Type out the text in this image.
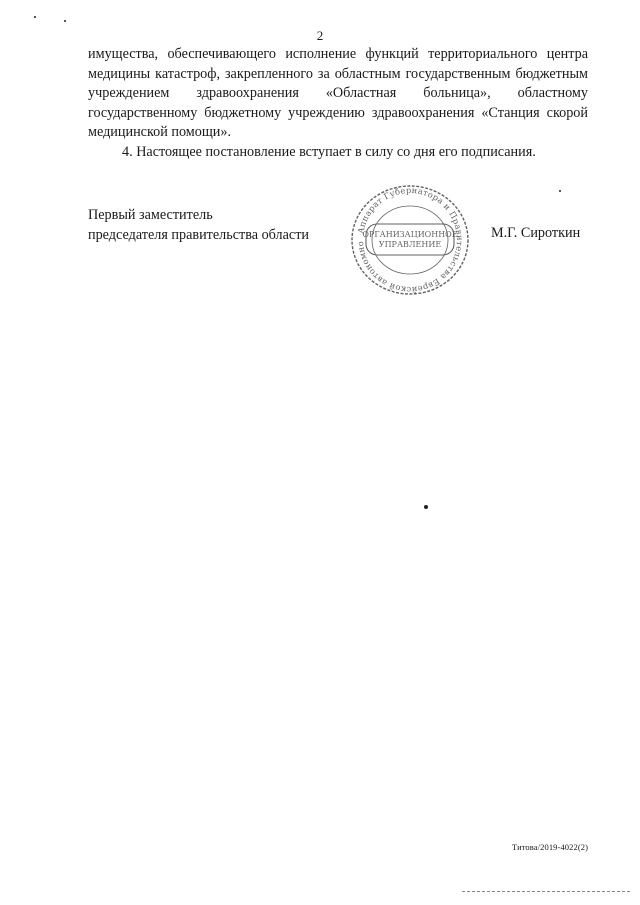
2

имущества, обеспечивающего исполнение функций территориального центра медицины катастроф, закрепленного за областным государственным бюджетным учреждением здравоохранения «Областная больница», областному государственному бюджетному учреждению здравоохранения «Станция скорой медицинской помощи».

4. Настоящее постановление вступает в силу со дня его подписания.

Первый заместитель
председателя правительства области	М.Г. Сироткин
Аппарат Губернатора и Правительства Еврейской автономно
ОРГАНИЗАЦИОННОЕ
УПРАВЛЕНИЕ
Титова/2019-4022(2)
